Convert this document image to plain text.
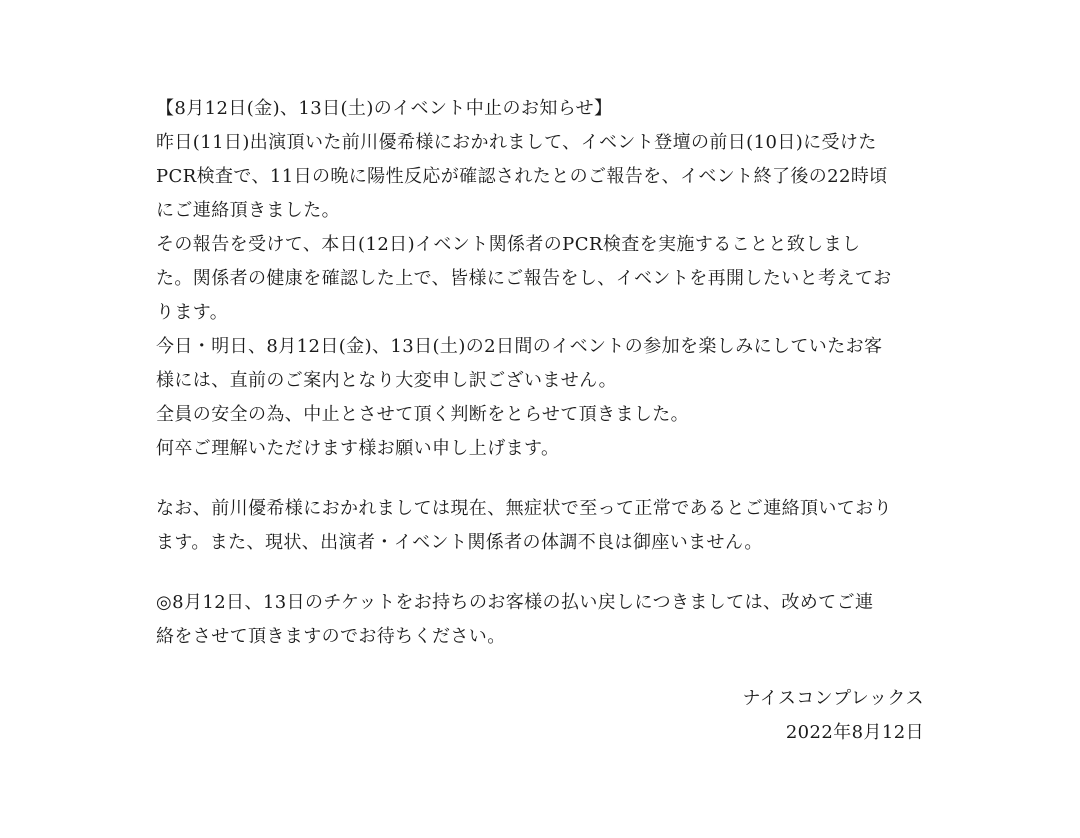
【8月12日(金)、13日(土)のイベント中止のお知らせ】
昨日(11日)出演頂いた前川優希様におかれまして、イベント登壇の前日(10日)に受けた
PCR検査で、11日の晩に陽性反応が確認されたとのご報告を、イベント終了後の22時頃
にご連絡頂きました。
その報告を受けて、本日(12日)イベント関係者のPCR検査を実施することと致しまし
た。関係者の健康を確認した上で、皆様にご報告をし、イベントを再開したいと考えてお
ります。
今日・明日、8月12日(金)、13日(土)の2日間のイベントの参加を楽しみにしていたお客
様には、直前のご案内となり大変申し訳ございません。
全員の安全の為、中止とさせて頂く判断をとらせて頂きました。
何卒ご理解いただけます様お願い申し上げます。
なお、前川優希様におかれましては現在、無症状で至って正常であるとご連絡頂いており
ます。また、現状、出演者・イベント関係者の体調不良は御座いません。
◎8月12日、13日のチケットをお持ちのお客様の払い戻しにつきましては、改めてご連
絡をさせて頂きますのでお待ちください。
ナイスコンプレックス
2022年8月12日
